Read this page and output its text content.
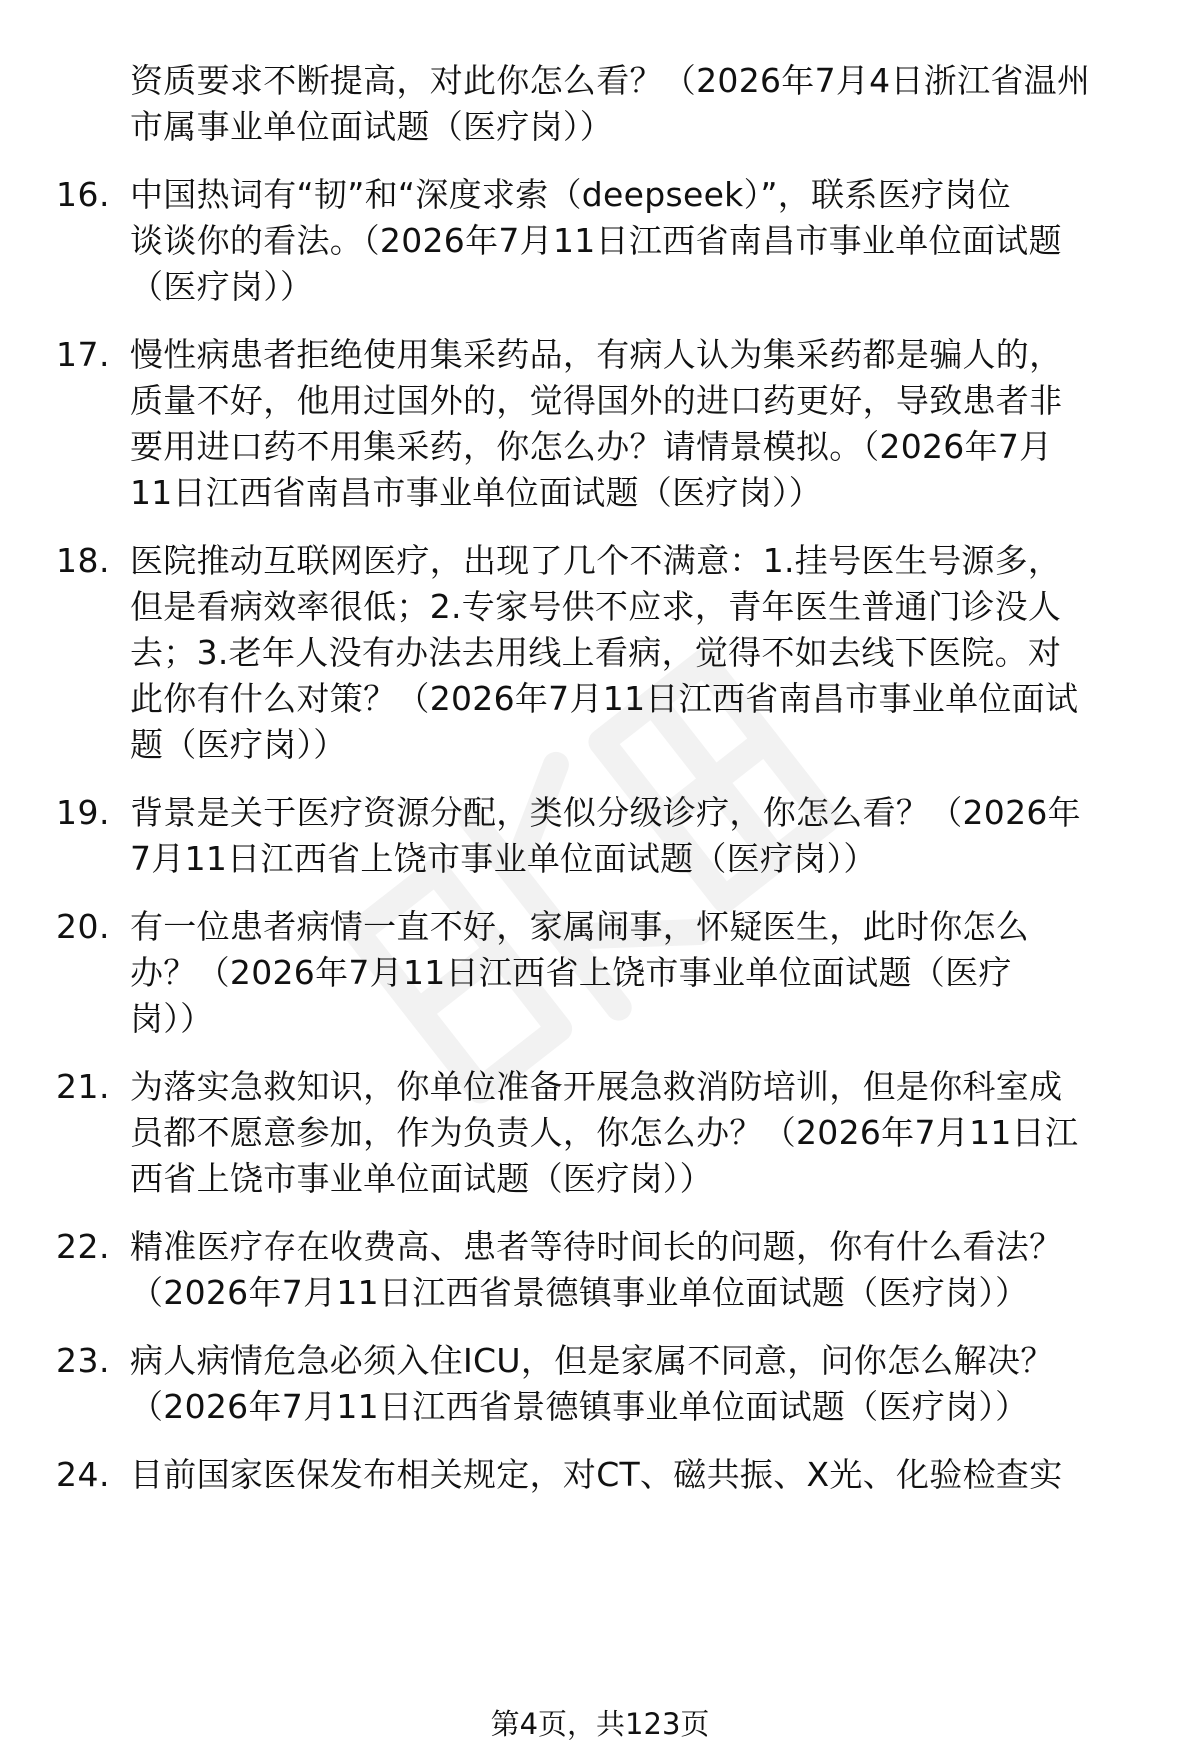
资质要求不断提高，对此你怎么看？（2026年7月4日浙江省温州
市属事业单位面试题（医疗岗））
16. 中国热词有“韧”和“深度求索（deepseek）”，联系医疗岗位
谈谈你的看法。（2026年7月11日江西省南昌市事业单位面试题
（医疗岗））
17. 慢性病患者拒绝使用集采药品，有病人认为集采药都是骗人的，
质量不好，他用过国外的，觉得国外的进口药更好，导致患者非
要用进口药不用集采药，你怎么办？请情景模拟。（2026年7月
11日江西省南昌市事业单位面试题（医疗岗））
18. 医院推动互联网医疗，出现了几个不满意：1.挂号医生号源多，
但是看病效率很低；2.专家号供不应求，青年医生普通门诊没人
去；3.老年人没有办法去用线上看病，觉得不如去线下医院。对
此你有什么对策？（2026年7月11日江西省南昌市事业单位面试
题（医疗岗））
19. 背景是关于医疗资源分配，类似分级诊疗，你怎么看？（2026年
7月11日江西省上饶市事业单位面试题（医疗岗））
20. 有一位患者病情一直不好，家属闹事，怀疑医生，此时你怎么
办？（2026年7月11日江西省上饶市事业单位面试题（医疗
岗））
21. 为落实急救知识，你单位准备开展急救消防培训，但是你科室成
员都不愿意参加，作为负责人，你怎么办？（2026年7月11日江
西省上饶市事业单位面试题（医疗岗））
22. 精准医疗存在收费高、患者等待时间长的问题，你有什么看法？
（2026年7月11日江西省景德镇事业单位面试题（医疗岗））
23. 病人病情危急必须入住ICU，但是家属不同意，问你怎么解决？
（2026年7月11日江西省景德镇事业单位面试题（医疗岗））
24. 目前国家医保发布相关规定，对CT、磁共振、X光、化验检查实
第4页，共123页
